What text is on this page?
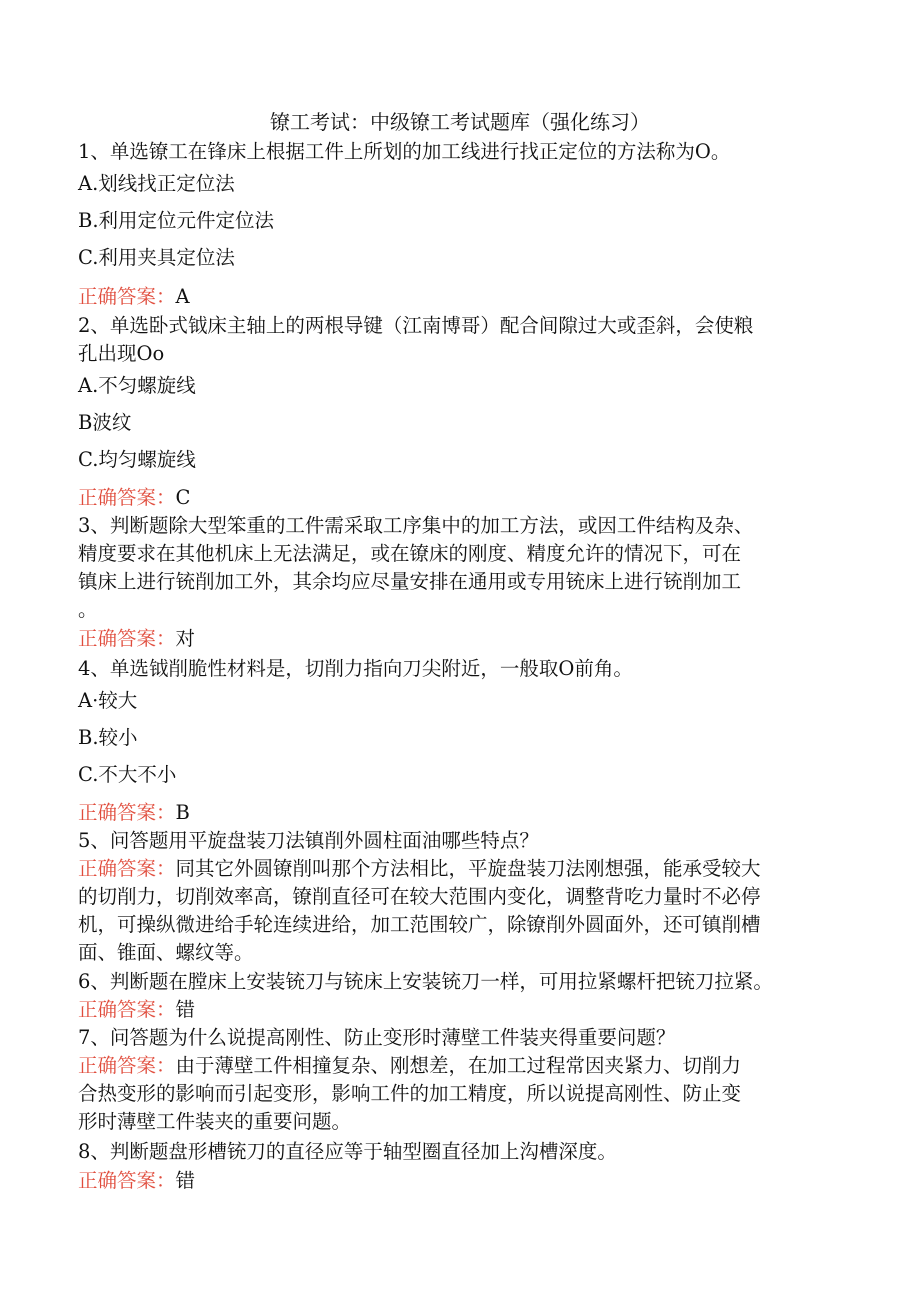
镣工考试：中级镣工考试题库（强化练习）
1、单选镣工在锋床上根据工件上所划的加工线进行找正定位的方法称为O。
A.划线找正定位法
B.利用定位元件定位法
C.利用夹具定位法
正确答案：A
2、单选卧式钺床主轴上的两根导键（江南博哥）配合间隙过大或歪斜，会使粮
孔出现Oo
A.不匀螺旋线
B波纹
C.均匀螺旋线
正确答案：C
3、判断题除大型笨重的工件需采取工序集中的加工方法，或因工件结构及杂、
精度要求在其他机床上无法满足，或在镣床的刚度、精度允许的情况下，可在
镇床上进行铳削加工外，其余均应尽量安排在通用或专用铳床上进行铳削加工
。
正确答案：对
4、单选钺削脆性材料是，切削力指向刀尖附近，一般取O前角。
A·较大
B.较小
C.不大不小
正确答案：B
5、问答题用平旋盘装刀法镇削外圆柱面油哪些特点？
正确答案：同其它外圆镣削叫那个方法相比，平旋盘装刀法刚想强，能承受较大
的切削力，切削效率高，镣削直径可在较大范围内变化，调整背吃力量时不必停
机，可操纵微进给手轮连续进给，加工范围较广，除镣削外圆面外，还可镇削槽
面、锥面、螺纹等。
6、判断题在膛床上安装铳刀与铳床上安装铳刀一样，可用拉紧螺杆把铳刀拉紧。
正确答案：错
7、问答题为什么说提高刚性、防止变形时薄壁工件装夹得重要问题？
正确答案：由于薄壁工件相撞复杂、刚想差，在加工过程常因夹紧力、切削力
合热变形的影响而引起变形，影响工件的加工精度，所以说提高刚性、防止变
形时薄壁工件装夹的重要问题。
8、判断题盘形槽铳刀的直径应等于轴型圈直径加上沟槽深度。
正确答案：错
